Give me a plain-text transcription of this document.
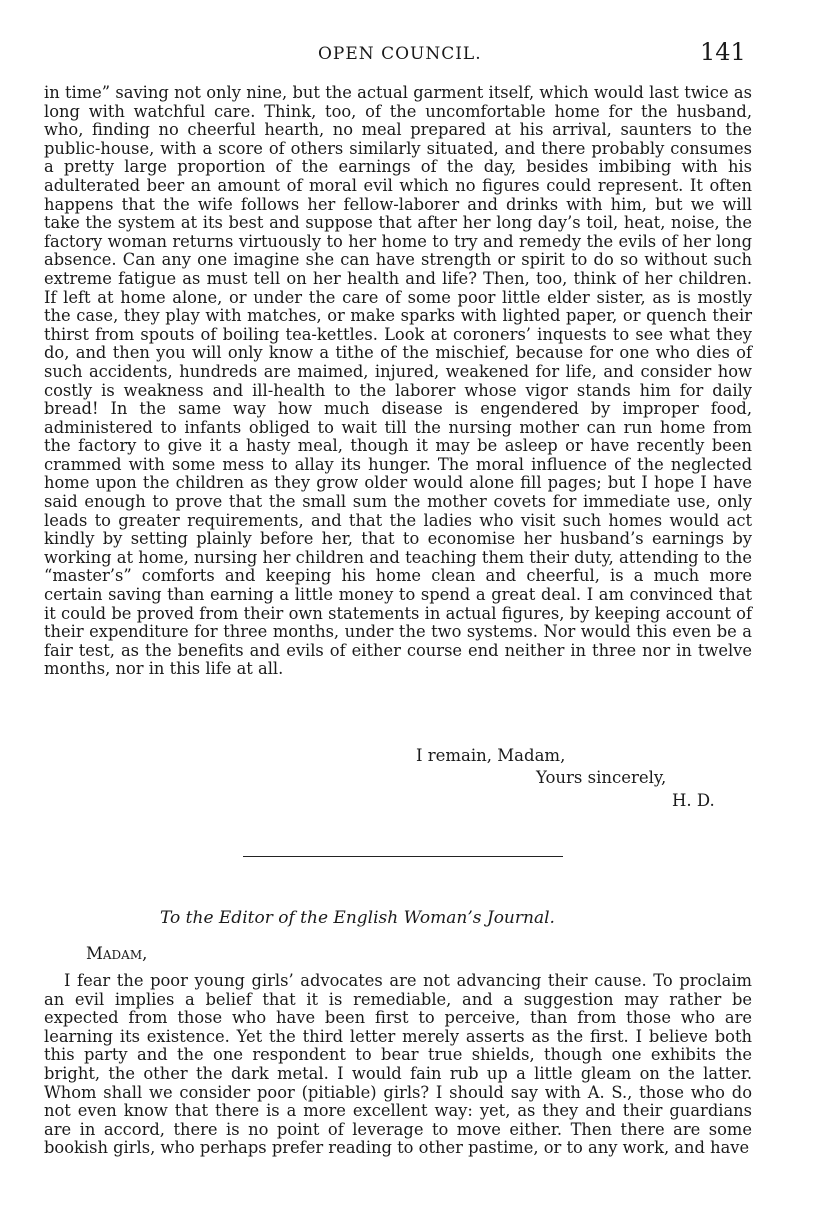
OPEN COUNCIL.	141

in time” saving not only nine, but the actual garment itself, which would last twice as long with watchful care. Think, too, of the uncomfortable home for the husband, who, finding no cheerful hearth, no meal prepared at his arrival, saunters to the public-house, with a score of others similarly situated, and there probably consumes a pretty large proportion of the earnings of the day, besides imbibing with his adulterated beer an amount of moral evil which no figures could represent. It often happens that the wife follows her fellow-laborer and drinks with him, but we will take the system at its best and suppose that after her long day’s toil, heat, noise, the factory woman returns virtuously to her home to try and remedy the evils of her long absence. Can any one imagine she can have strength or spirit to do so without such extreme fatigue as must tell on her health and life? Then, too, think of her children. If left at home alone, or under the care of some poor little elder sister, as is mostly the case, they play with matches, or make sparks with lighted paper, or quench their thirst from spouts of boiling tea-kettles. Look at coroners’ inquests to see what they do, and then you will only know a tithe of the mischief, because for one who dies of such accidents, hundreds are maimed, injured, weakened for life, and consider how costly is weakness and ill-health to the laborer whose vigor stands him for daily bread! In the same way how much disease is engendered by improper food, administered to infants obliged to wait till the nursing mother can run home from the factory to give it a hasty meal, though it may be asleep or have recently been crammed with some mess to allay its hunger. The moral influence of the neglected home upon the children as they grow older would alone fill pages; but I hope I have said enough to prove that the small sum the mother covets for immediate use, only leads to greater requirements, and that the ladies who visit such homes would act kindly by setting plainly before her, that to economise her husband’s earnings by working at home, nursing her children and teaching them their duty, attending to the “master’s” comforts and keeping his home clean and cheerful, is a much more certain saving than earning a little money to spend a great deal. I am convinced that it could be proved from their own statements in actual figures, by keeping account of their expenditure for three months, under the two systems. Nor would this even be a fair test, as the benefits and evils of either course end neither in three nor in twelve months, nor in this life at all.

I remain, Madam,
Yours sincerely,
H. D.
To the Editor of the English Woman’s Journal.
Madam,

I fear the poor young girls’ advocates are not advancing their cause. To proclaim an evil implies a belief that it is remediable, and a suggestion may rather be expected from those who have been first to perceive, than from those who are learning its existence. Yet the third letter merely asserts as the first. I believe both this party and the one respondent to bear true shields, though one exhibits the bright, the other the dark metal. I would fain rub up a little gleam on the latter. Whom shall we consider poor (pitiable) girls? I should say with A. S., those who do not even know that there is a more excellent way: yet, as they and their guardians are in accord, there is no point of leverage to move either. Then there are some bookish girls, who perhaps prefer reading to other pastime, or to any work, and have
